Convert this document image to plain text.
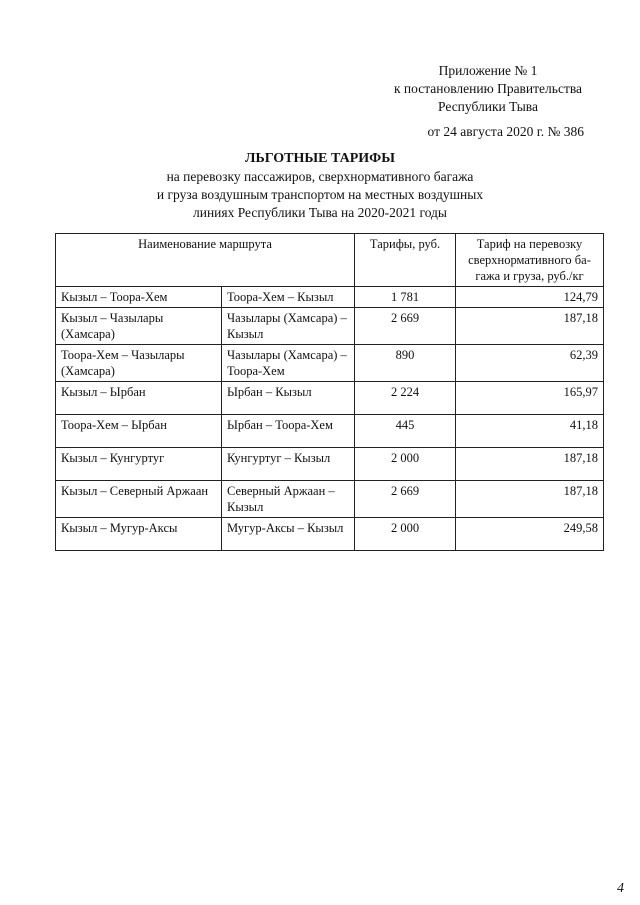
Приложение № 1
к постановлению Правительства
Республики Тыва
от 24 августа 2020 г. № 386
ЛЬГОТНЫЕ ТАРИФЫ
на перевозку пассажиров, сверхнормативного багажа
и груза воздушным транспортом на местных воздушных
линиях Республики Тыва на 2020-2021 годы
Наименование маршрута		Тарифы, руб.	Тариф на перевозку сверхнормативного ба-гажа и груза, руб./кг
Кызыл – Тоора-Хем	Тоора-Хем – Кызыл	1 781	124,79
Кызыл – Чазылары (Хамсара)	Чазылары (Хамсара) – Кызыл	2 669	187,18
Тоора-Хем – Чазылары (Хамсара)	Чазылары (Хамсара) – Тоора-Хем	890	62,39
Кызыл – Ырбан	Ырбан – Кызыл	2 224	165,97
Тоора-Хем – Ырбан	Ырбан – Тоора-Хем	445	41,18
Кызыл – Кунгуртуг	Кунгуртуг – Кызыл	2 000	187,18
Кызыл – Северный Аржаан	Северный Аржаан – Кызыл	2 669	187,18
Кызыл – Мугур-Аксы	Мугур-Аксы – Кызыл	2 000	249,58
4
